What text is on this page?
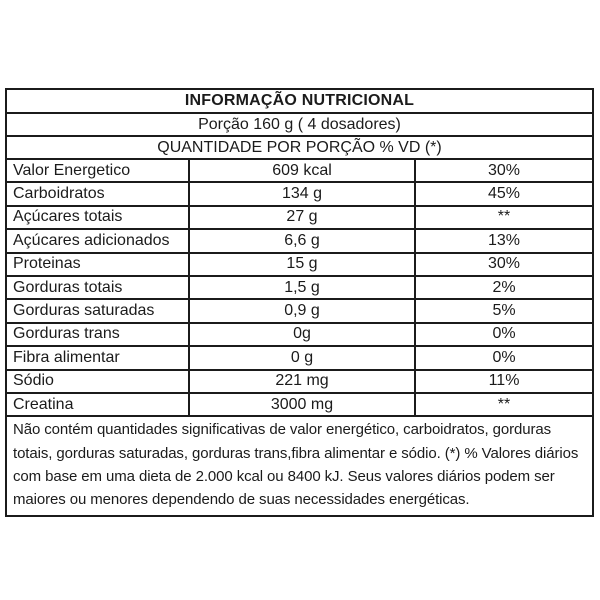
INFORMAÇÃO NUTRICIONAL
Porção 160 g ( 4 dosadores)
QUANTIDADE POR PORÇÃO % VD (*)
Valor Energetico	609 kcal	30%
Carboidratos	134 g	45%
Açúcares totais	27 g	**
Açúcares adicionados	6,6 g	13%
Proteinas	15 g	30%
Gorduras totais	1,5 g	2%
Gorduras saturadas	0,9 g	5%
Gorduras trans	0g	0%
Fibra alimentar	0 g	0%
Sódio	221 mg	11%
Creatina	3000 mg	**
Não contém quantidades significativas de valor energético, carboidratos, gorduras totais, gorduras saturadas, gorduras trans,fibra alimentar e sódio. (*) % Valores diários com base em uma dieta de 2.000 kcal ou 8400 kJ. Seus valores diários podem ser maiores ou menores dependendo de suas necessidades energéticas.
